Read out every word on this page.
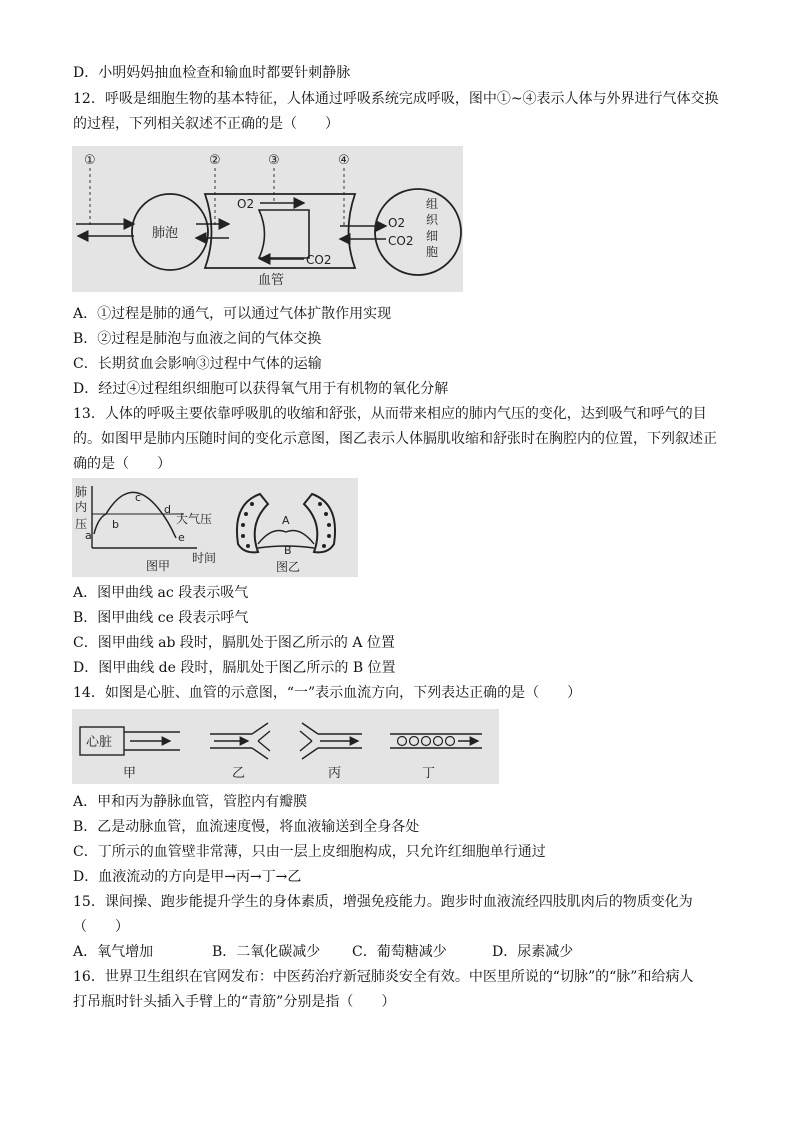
D．小明妈妈抽血检查和输血时都要针刺静脉
12．呼吸是细胞生物的基本特征，人体通过呼吸系统完成呼吸，图中①~④表示人体与外界进行气体交换
的过程，下列相关叙述不正确的是（　　）
①	②	③	④
肺泡
O2
CO2
血管
O2
CO2
组
织
细
胞
A．①过程是肺的通气，可以通过气体扩散作用实现
B．②过程是肺泡与血液之间的气体交换
C．长期贫血会影响③过程中气体的运输
D．经过④过程组织细胞可以获得氧气用于有机物的氧化分解
13．人体的呼吸主要依靠呼吸肌的收缩和舒张，从而带来相应的肺内气压的变化，达到吸气和呼气的目
的。如图甲是肺内压随时间的变化示意图，图乙表示人体膈肌收缩和舒张时在胸腔内的位置，下列叙述正
确的是（　　）
肺
内
压
a
b
c
d
e
大气压
时间
图甲
A
B
图乙
A．图甲曲线 ac 段表示吸气
B．图甲曲线 ce 段表示呼气
C．图甲曲线 ab 段时，膈肌处于图乙所示的 A 位置
D．图甲曲线 de 段时，膈肌处于图乙所示的 B 位置
14．如图是心脏、血管的示意图，“一”表示血流方向，下列表达正确的是（　　）
心脏
甲	乙	丙	丁
A．甲和丙为静脉血管，管腔内有瓣膜
B．乙是动脉血管，血流速度慢，将血液输送到全身各处
C．丁所示的血管壁非常薄，只由一层上皮细胞构成，只允许红细胞单行通过
D．血液流动的方向是甲→丙→丁→乙
15．课间操、跑步能提升学生的身体素质，增强免疫能力。跑步时血液流经四肢肌肉后的物质变化为
（　　）
A．氧气增加	B．二氧化碳减少 C．葡萄糖减少	D．尿素减少
16．世界卫生组织在官网发布：中医药治疗新冠肺炎安全有效。中医里所说的“切脉”的“脉”和给病人
打吊瓶时针头插入手臂上的“青筋”分别是指（　　）
